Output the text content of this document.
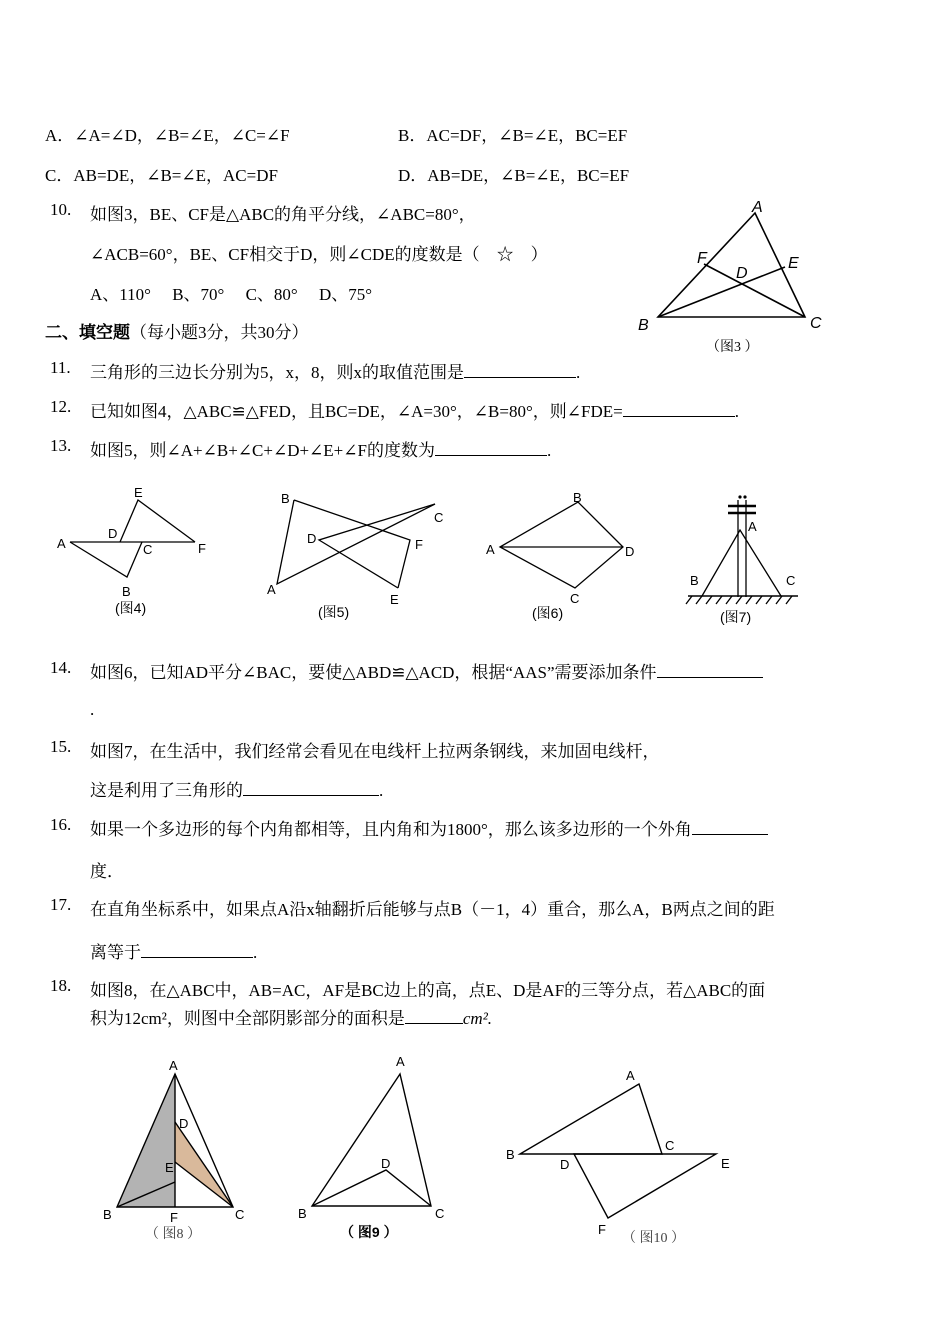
A．∠A=∠D，∠B=∠E，∠C=∠F	B．AC=DF，∠B=∠E，BC=EF
C．AB=DE，∠B=∠E，AC=DF	D．AB=DE，∠B=∠E，BC=EF
10. 如图3，BE、CF是△ABC的角平分线，∠ABC=80°，
∠ACB=60°，BE、CF相交于D，则∠CDE的度数是（　☆　）
A、110°　 B、70°　 C、80°　 D、75°
A
B	C
D
E
F
（图3 ）
二、填空题（每小题3分，共30分）
11. 三角形的三边长分别为5，x，8，则x的取值范围是	.
12. 已知如图4，△ABC≌△FED，且BC=DE，∠A=30°，∠B=80°，则∠FDE=	.
13. 如图5，则∠A+∠B+∠C+∠D+∠E+∠F的度数为	.
A
B
C
D
E
F
(图4)
A
B
C
D
E
F
(图5)
A
B
C
D
(图6)
A
B	C
(图7)
14. 如图6，已知AD平分∠BAC，要使△ABD≌△ACD，根据“AAS”需要添加条件
.
15. 如图7，在生活中，我们经常会看见在电线杆上拉两条钢线，来加固电线杆，
这是利用了三角形的	.
16. 如果一个多边形的每个内角都相等，且内角和为1800°，那么该多边形的一个外角
度．
17. 在直角坐标系中，如果点A沿x轴翻折后能够与点B（－1，4）重合，那么A，B两点之间的距
离等于	.
18. 如图8，在△ABC中，AB=AC，AF是BC边上的高，点E、D是AF的三等分点，若△ABC的面
积为12cm²，则图中全部阴影部分的面积是	cm².
A
B	C
D
E
F
（ 图8 ）
A
B	C
D
（ 图9 ）
A
B
C
D	E
F
（ 图10 ）
